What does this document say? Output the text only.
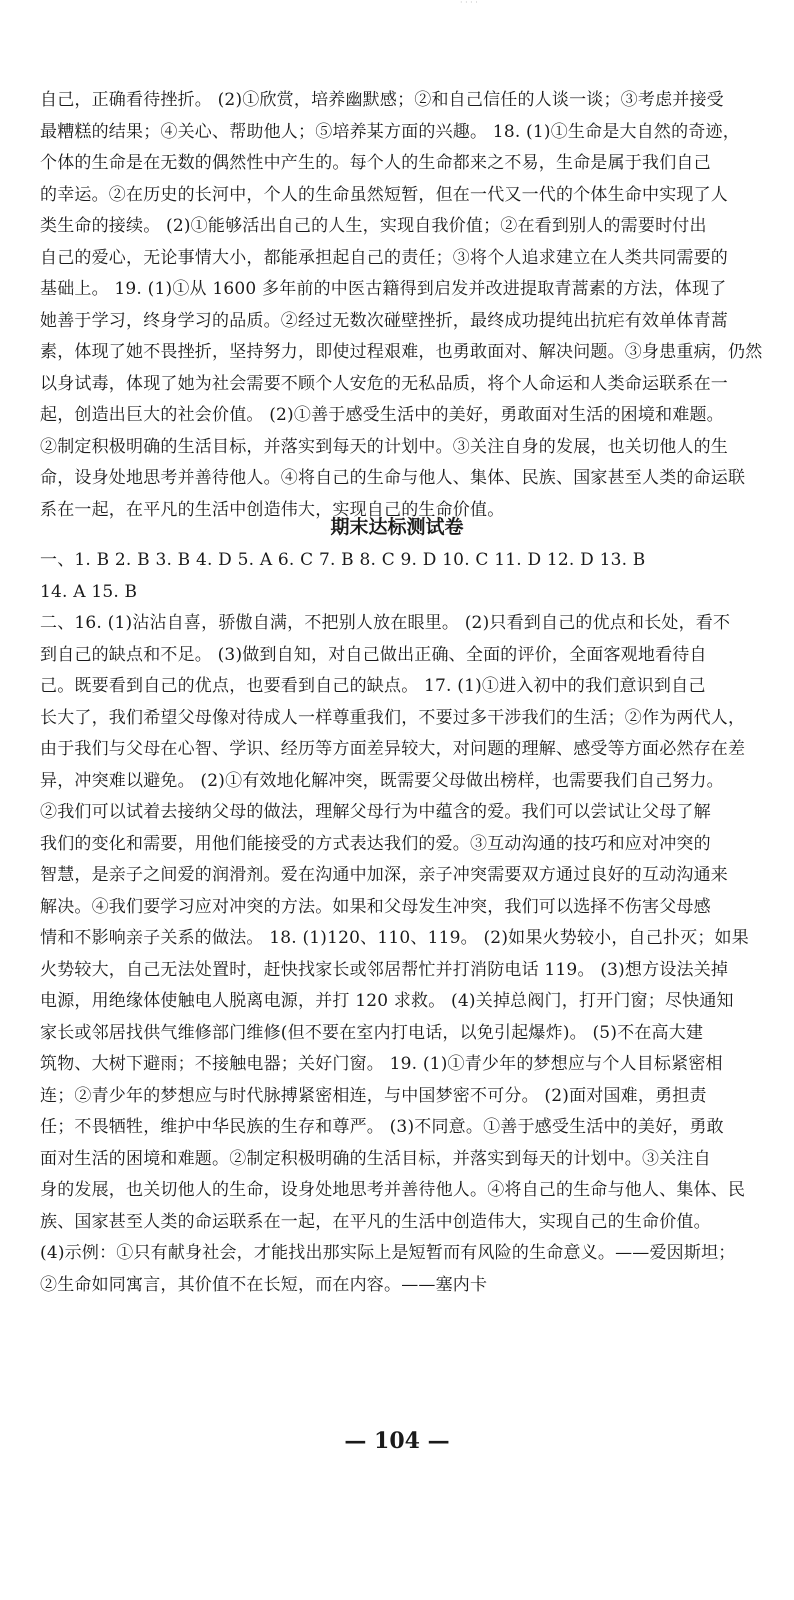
· · · ·
自己，正确看待挫折。 (2)①欣赏，培养幽默感；②和自己信任的人谈一谈；③考虑并接受
最糟糕的结果；④关心、帮助他人；⑤培养某方面的兴趣。 18. (1)①生命是大自然的奇迹，
个体的生命是在无数的偶然性中产生的。每个人的生命都来之不易，生命是属于我们自己
的幸运。②在历史的长河中，个人的生命虽然短暂，但在一代又一代的个体生命中实现了人
类生命的接续。 (2)①能够活出自己的人生，实现自我价值；②在看到别人的需要时付出
自己的爱心，无论事情大小，都能承担起自己的责任；③将个人追求建立在人类共同需要的
基础上。 19. (1)①从 1600 多年前的中医古籍得到启发并改进提取青蒿素的方法，体现了
她善于学习，终身学习的品质。②经过无数次碰壁挫折，最终成功提纯出抗疟有效单体青蒿
素，体现了她不畏挫折，坚持努力，即使过程艰难，也勇敢面对、解决问题。③身患重病，仍然
以身试毒，体现了她为社会需要不顾个人安危的无私品质，将个人命运和人类命运联系在一
起，创造出巨大的社会价值。 (2)①善于感受生活中的美好，勇敢面对生活的困境和难题。
②制定积极明确的生活目标，并落实到每天的计划中。③关注自身的发展，也关切他人的生
命，设身处地思考并善待他人。④将自己的生命与他人、集体、民族、国家甚至人类的命运联
系在一起，在平凡的生活中创造伟大，实现自己的生命价值。
期末达标测试卷
一、1. B 2. B 3. B 4. D 5. A 6. C 7. B 8. C 9. D 10. C 11. D 12. D 13. B
14. A 15. B
二、16. (1)沾沾自喜，骄傲自满，不把别人放在眼里。 (2)只看到自己的优点和长处，看不
到自己的缺点和不足。 (3)做到自知，对自己做出正确、全面的评价，全面客观地看待自
己。既要看到自己的优点，也要看到自己的缺点。 17. (1)①进入初中的我们意识到自己
长大了，我们希望父母像对待成人一样尊重我们，不要过多干涉我们的生活；②作为两代人，
由于我们与父母在心智、学识、经历等方面差异较大，对问题的理解、感受等方面必然存在差
异，冲突难以避免。 (2)①有效地化解冲突，既需要父母做出榜样，也需要我们自己努力。
②我们可以试着去接纳父母的做法，理解父母行为中蕴含的爱。我们可以尝试让父母了解
我们的变化和需要，用他们能接受的方式表达我们的爱。③互动沟通的技巧和应对冲突的
智慧，是亲子之间爱的润滑剂。爱在沟通中加深，亲子冲突需要双方通过良好的互动沟通来
解决。④我们要学习应对冲突的方法。如果和父母发生冲突，我们可以选择不伤害父母感
情和不影响亲子关系的做法。 18. (1)120、110、119。 (2)如果火势较小，自己扑灭；如果
火势较大，自己无法处置时，赶快找家长或邻居帮忙并打消防电话 119。 (3)想方设法关掉
电源，用绝缘体使触电人脱离电源，并打 120 求救。 (4)关掉总阀门，打开门窗；尽快通知
家长或邻居找供气维修部门维修(但不要在室内打电话，以免引起爆炸)。 (5)不在高大建
筑物、大树下避雨；不接触电器；关好门窗。 19. (1)①青少年的梦想应与个人目标紧密相
连；②青少年的梦想应与时代脉搏紧密相连，与中国梦密不可分。 (2)面对国难，勇担责
任；不畏牺牲，维护中华民族的生存和尊严。 (3)不同意。①善于感受生活中的美好，勇敢
面对生活的困境和难题。②制定积极明确的生活目标，并落实到每天的计划中。③关注自
身的发展，也关切他人的生命，设身处地思考并善待他人。④将自己的生命与他人、集体、民
族、国家甚至人类的命运联系在一起，在平凡的生活中创造伟大，实现自己的生命价值。
(4)示例：①只有献身社会，才能找出那实际上是短暂而有风险的生命意义。——爱因斯坦；
②生命如同寓言，其价值不在长短，而在内容。——塞内卡
— 104 —
